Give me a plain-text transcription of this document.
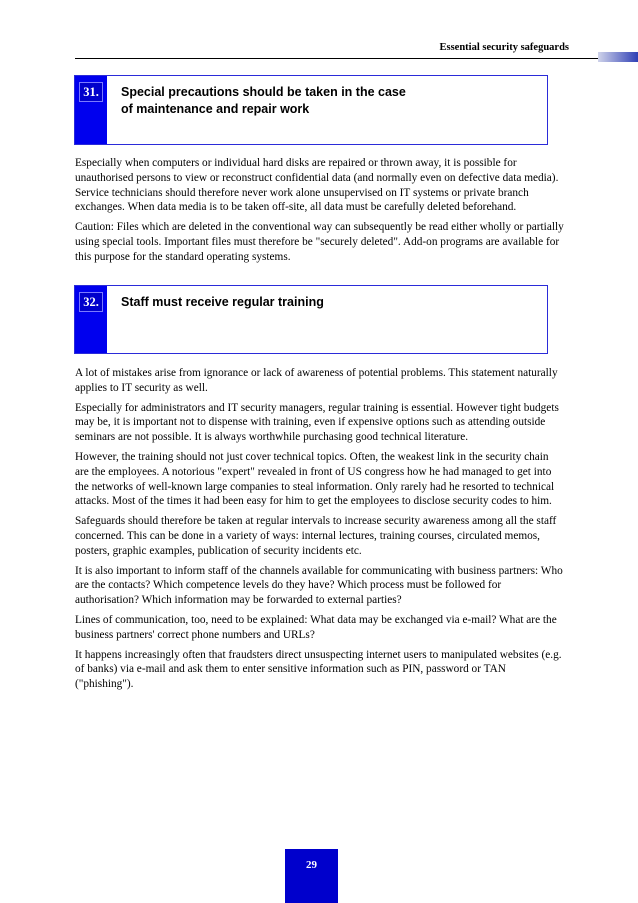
Essential security safeguards
31.	Special precautions should be taken in the case
of maintenance and repair work

Especially when computers or individual hard disks are repaired or thrown away, it is possible for unauthorised persons to view or reconstruct confidential data (and normally even on defective data media). Service technicians should therefore never work alone unsupervised on IT systems or private branch exchanges. When data media is to be taken off-site, all data must be carefully deleted beforehand.

Caution: Files which are deleted in the conventional way can subsequently be read either wholly or partially using special tools. Important files must therefore be "securely deleted". Add-on programs are available for this purpose for the standard operating systems.

32.	Staff must receive regular training

A lot of mistakes arise from ignorance or lack of awareness of potential problems. This statement naturally applies to IT security as well.

Especially for administrators and IT security managers, regular training is essential. However tight budgets may be, it is important not to dispense with training, even if expensive options such as attending outside seminars are not possible. It is always worthwhile purchasing good technical literature.

However, the training should not just cover technical topics. Often, the weakest link in the security chain are the employees. A notorious "expert" revealed in front of US congress how he had managed to get into the networks of well-known large companies to steal information. Only rarely had he resorted to technical attacks. Most of the times it had been easy for him to get the employees to disclose security codes to him.

Safeguards should therefore be taken at regular intervals to increase security awareness among all the staff concerned. This can be done in a variety of ways: internal lectures, training courses, circulated memos, posters, graphic examples, publication of security incidents etc.

It is also important to inform staff of the channels available for communicating with business partners: Who are the contacts? Which competence levels do they have? Which process must be followed for authorisation? Which information may be forwarded to external parties?

Lines of communication, too, need to be explained: What data may be exchanged via e-mail? What are the business partners' correct phone numbers and URLs?

It happens increasingly often that fraudsters direct unsuspecting internet users to manipulated websites (e.g. of banks) via e-mail and ask them to enter sensitive information such as PIN, password or TAN ("phishing").

29
